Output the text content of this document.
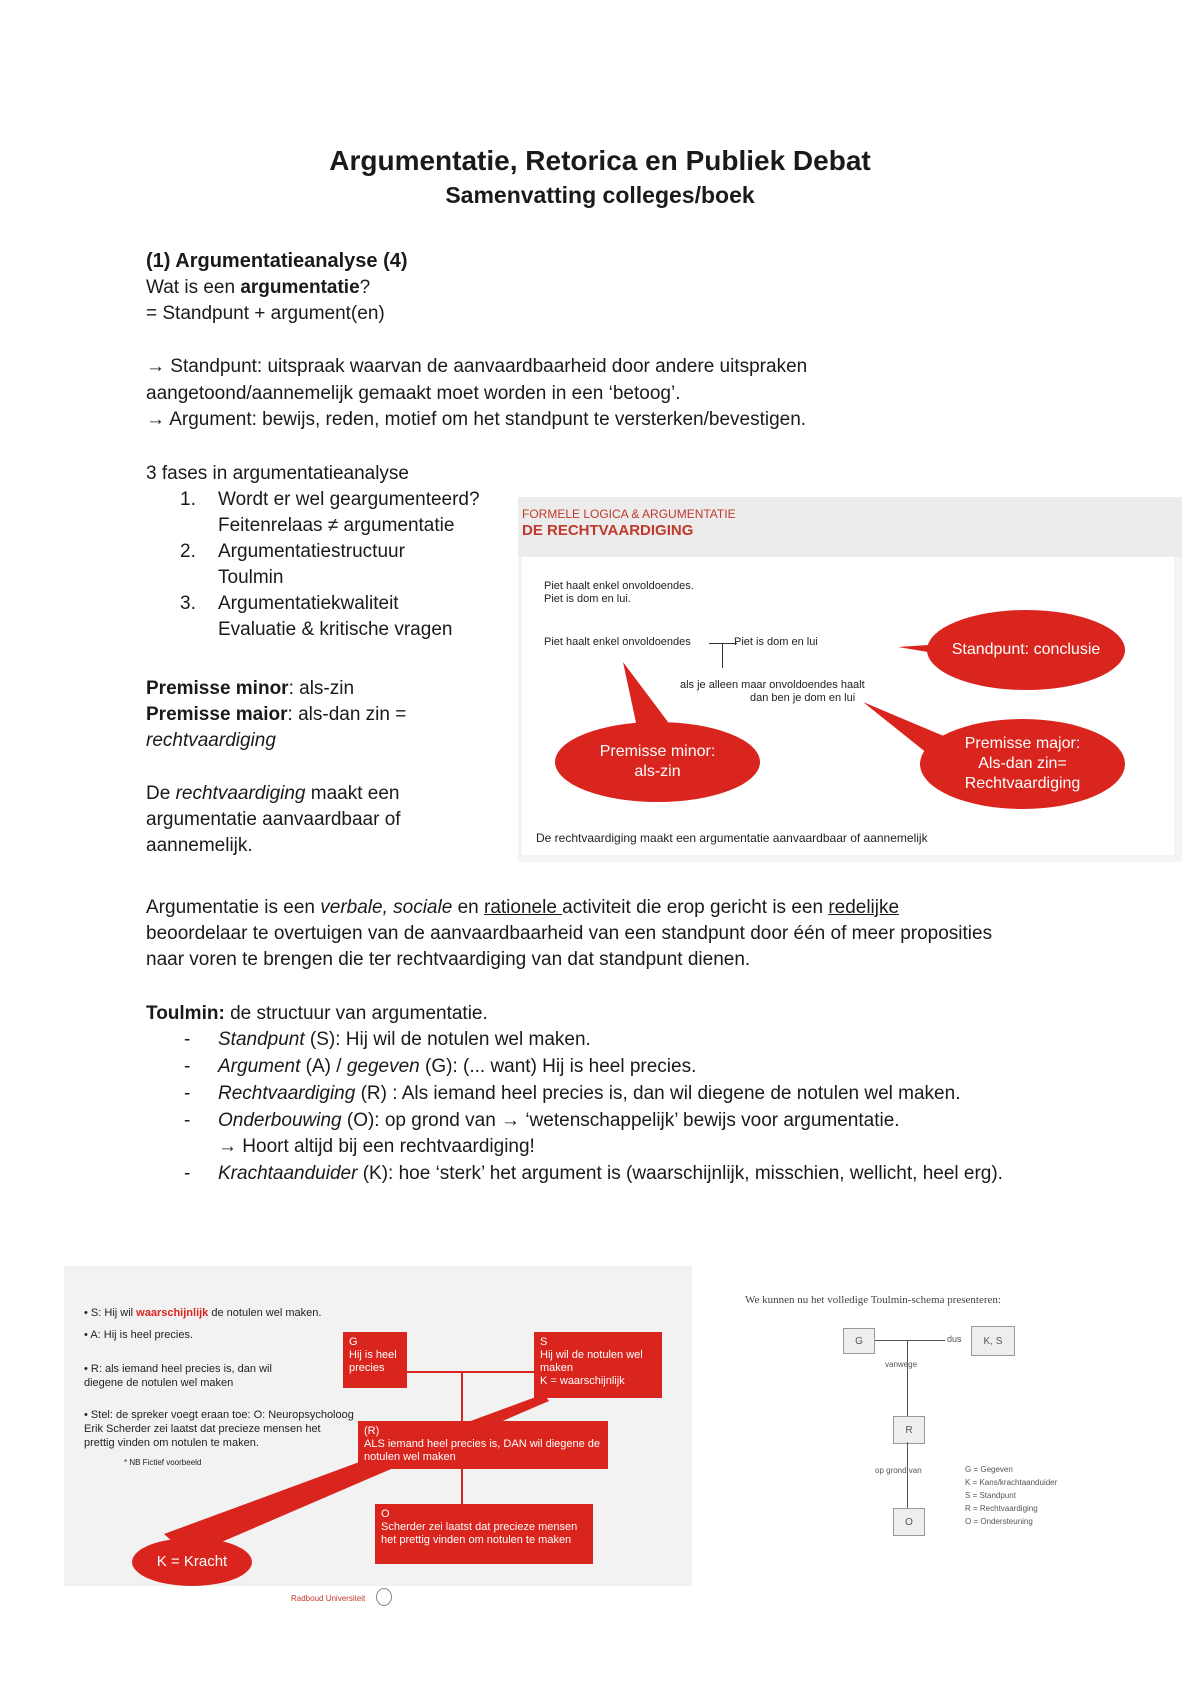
Argumentatie, Retorica en Publiek Debat
Samenvatting colleges/boek
(1) Argumentatieanalyse (4)
Wat is een argumentatie?
= Standpunt + argument(en)
→ Standpunt: uitspraak waarvan de aanvaardbaarheid door andere uitspraken
aangetoond/aannemelijk gemaakt moet worden in een ‘betoog’.
→ Argument: bewijs, reden, motief om het standpunt te versterken/bevestigen.
3 fases in argumentatieanalyse
1. Wordt er wel geargumenteerd?
Feitenrelaas ≠ argumentatie
2. Argumentatiestructuur
Toulmin
3. Argumentatiekwaliteit
Evaluatie & kritische vragen
Premisse minor: als-zin
Premisse maior: als-dan zin =
rechtvaardiging
De rechtvaardiging maakt een
argumentatie aanvaardbaar of
aannemelijk.
FORMELE LOGICA & ARGUMENTATIE
DE RECHTVAARDIGING
Piet haalt enkel onvoldoendes.
Piet is dom en lui.
Piet haalt enkel onvoldoendes	Piet is dom en lui
als je alleen maar onvoldoendes haalt
dan ben je dom en lui
Standpunt: conclusie
Premisse minor: als-zin
Premisse major: Als-dan zin= Rechtvaardiging
De rechtvaardiging maakt een argumentatie aanvaardbaar of aannemelijk
Argumentatie is een verbale, sociale en rationele activiteit die erop gericht is een redelijke
beoordelaar te overtuigen van de aanvaardbaarheid van een standpunt door één of meer proposities
naar voren te brengen die ter rechtvaardiging van dat standpunt dienen.
Toulmin: de structuur van argumentatie.
- Standpunt (S): Hij wil de notulen wel maken.
- Argument (A) / gegeven (G): (... want) Hij is heel precies.
- Rechtvaardiging (R) : Als iemand heel precies is, dan wil diegene de notulen wel maken.
- Onderbouwing (O): op grond van → ‘wetenschappelijk’ bewijs voor argumentatie.
→ Hoort altijd bij een rechtvaardiging!
- Krachtaanduider (K): hoe ‘sterk’ het argument is (waarschijnlijk, misschien, wellicht, heel erg).
• S: Hij wil waarschijnlijk de notulen wel maken.
• A: Hij is heel precies.
• R: als iemand heel precies is, dan wil diegene de notulen wel maken
• Stel: de spreker voegt eraan toe: O: Neuropsycholoog Erik Scherder zei laatst dat precieze mensen het prettig vinden om notulen te maken.
* NB Fictief voorbeeld
G
Hij is heel precies
S
Hij wil de notulen wel maken
K = waarschijnlijk
(R)
ALS iemand heel precies is, DAN wil diegene de notulen wel maken
O
Scherder zei laatst dat precieze mensen het prettig vinden om notulen te maken
K = Kracht
Radboud Universiteit
We kunnen nu het volledige Toulmin-schema presenteren:
G	dus	K, S
vanwege
R
op grond van
O
G = Gegeven
K = Kans/krachtaanduider
S = Standpunt
R = Rechtvaardiging
O = Ondersteuning
